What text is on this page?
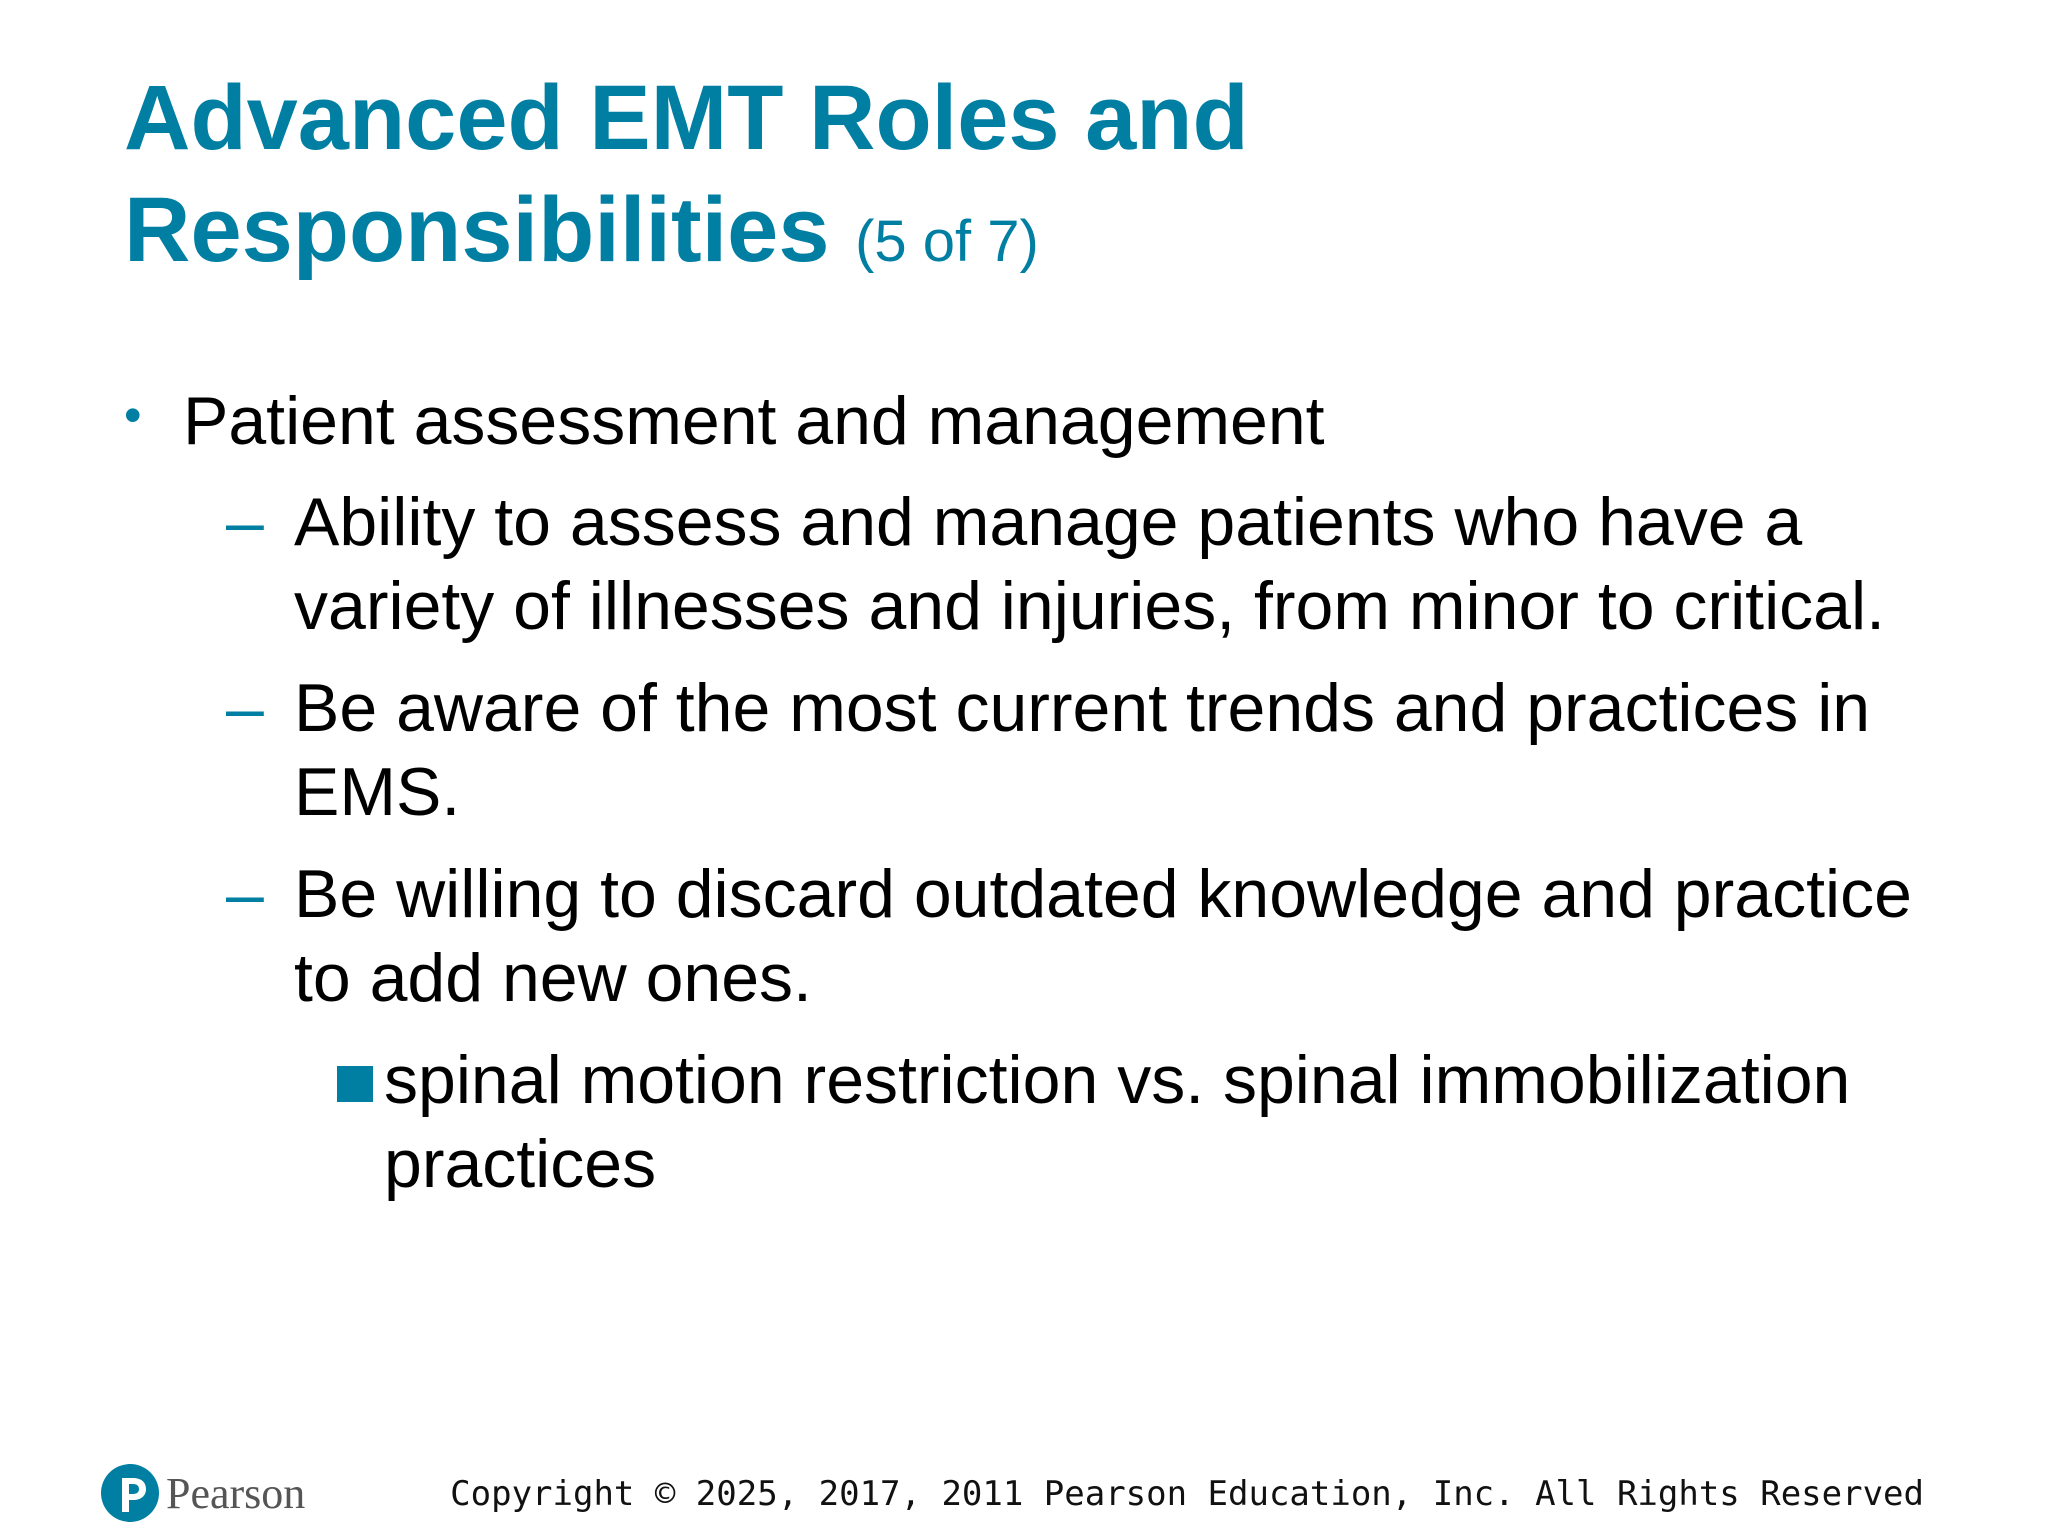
Advanced EMT Roles and Responsibilities (5 of 7)
• Patient assessment and management
– Ability to assess and manage patients who have a variety of illnesses and injuries, from minor to critical.
– Be aware of the most current trends and practices in EMS.
– Be willing to discard outdated knowledge and practice to add new ones.
spinal motion restriction vs. spinal immobilization practices
Pearson	Copyright © 2025, 2017, 2011 Pearson Education, Inc. All Rights Reserved
